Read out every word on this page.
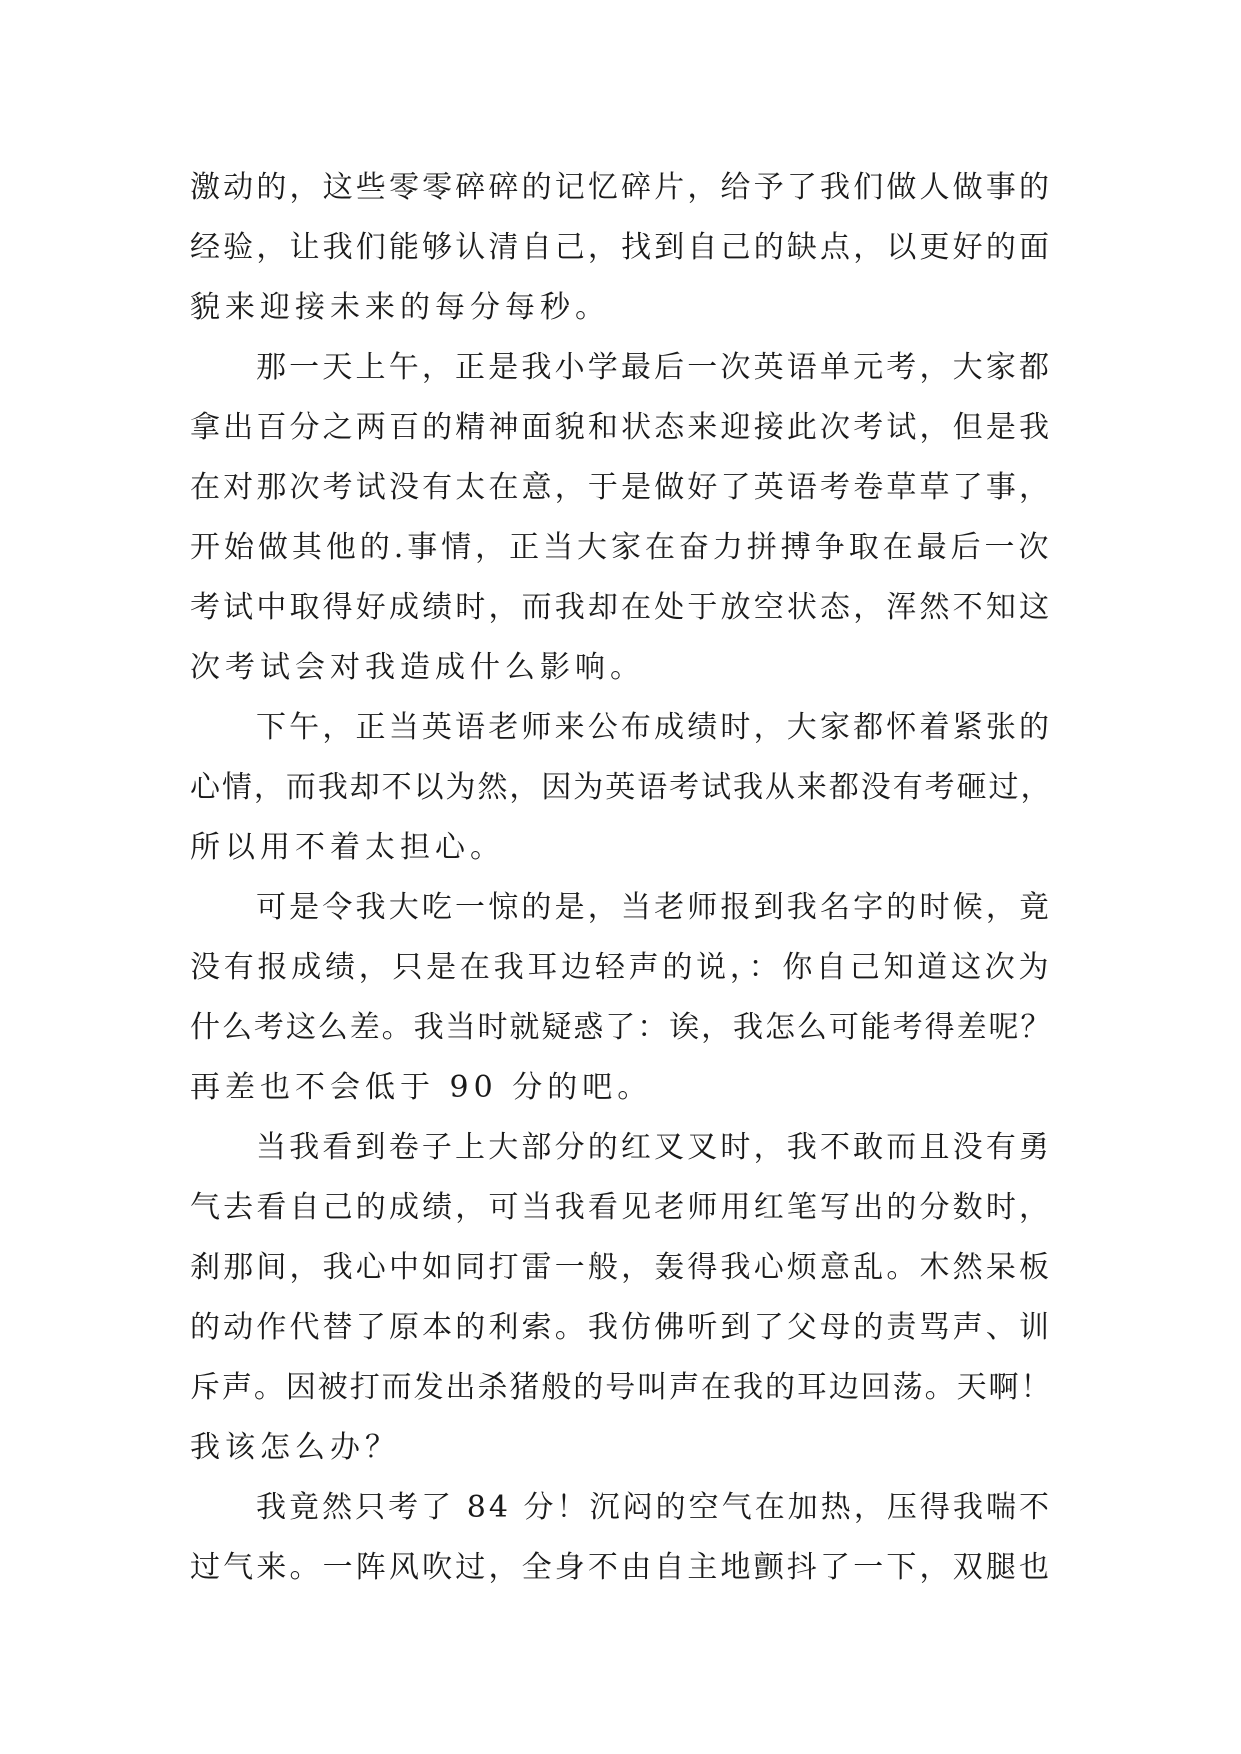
激动的，这些零零碎碎的记忆碎片，给予了我们做人做事的
经验，让我们能够认清自己，找到自己的缺点，以更好的面
貌来迎接未来的每分每秒。
那一天上午，正是我小学最后一次英语单元考，大家都
拿出百分之两百的精神面貌和状态来迎接此次考试，但是我
在对那次考试没有太在意，于是做好了英语考卷草草了事，
开始做其他的.事情，正当大家在奋力拼搏争取在最后一次
考试中取得好成绩时，而我却在处于放空状态，浑然不知这
次考试会对我造成什么影响。
下午，正当英语老师来公布成绩时，大家都怀着紧张的
心情，而我却不以为然，因为英语考试我从来都没有考砸过，
所以用不着太担心。
可是令我大吃一惊的是，当老师报到我名字的时候，竟
没有报成绩，只是在我耳边轻声的说，：你自己知道这次为
什么考这么差。我当时就疑惑了：诶，我怎么可能考得差呢？
再差也不会低于 90 分的吧。
当我看到卷子上大部分的红叉叉时，我不敢而且没有勇
气去看自己的成绩，可当我看见老师用红笔写出的分数时，
刹那间，我心中如同打雷一般，轰得我心烦意乱。木然呆板
的动作代替了原本的利索。我仿佛听到了父母的责骂声、训
斥声。因被打而发出杀猪般的号叫声在我的耳边回荡。天啊！
我该怎么办？
我竟然只考了 84 分！沉闷的空气在加热，压得我喘不
过气来。一阵风吹过，全身不由自主地颤抖了一下，双腿也
